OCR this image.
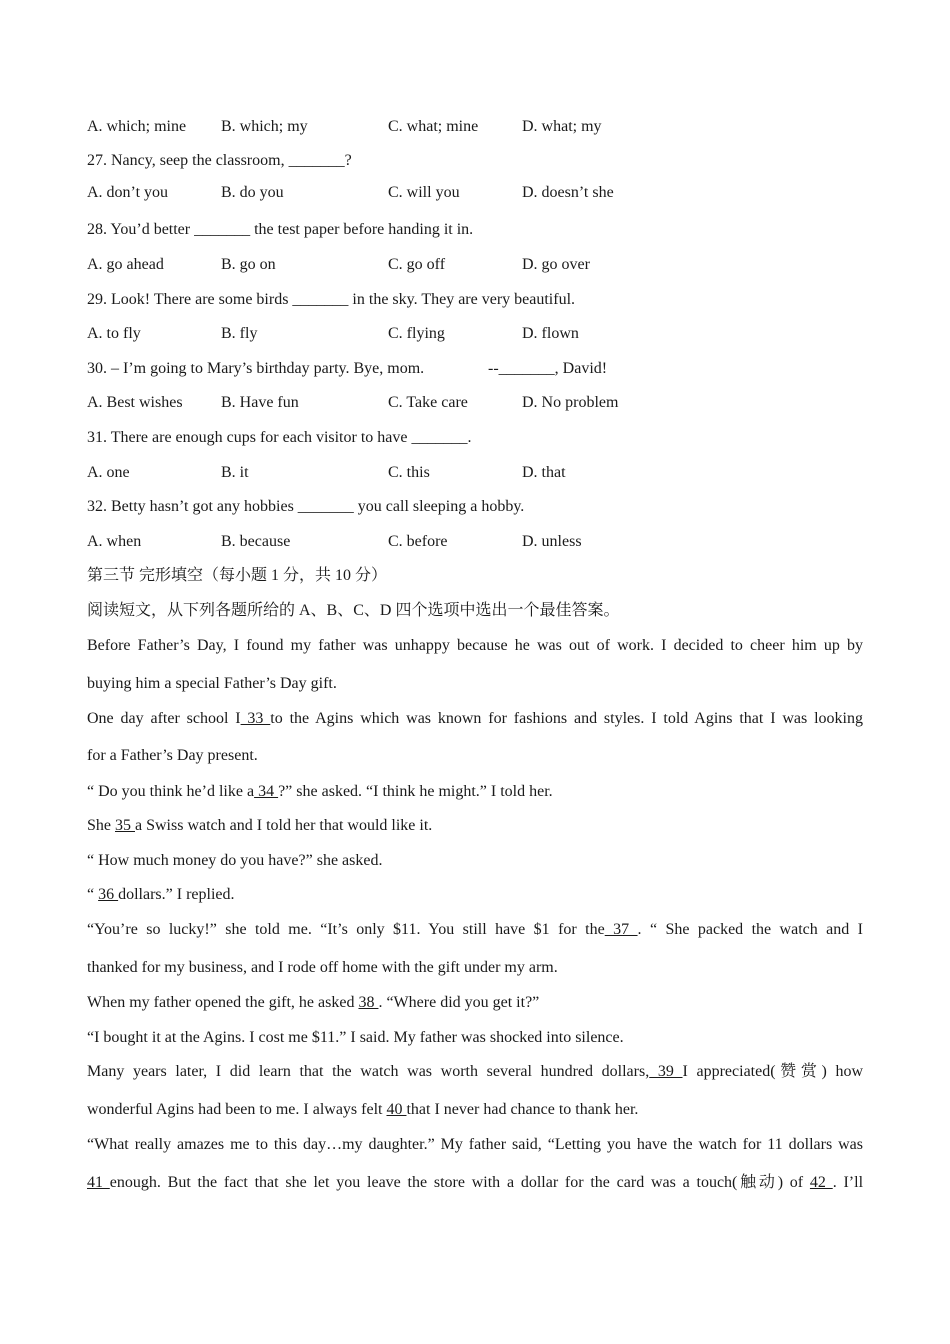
A. which; mine B. which; my	C. what; mine	D. what; my
27. Nancy, seep the classroom, _______?
A. don’t you	B. do you	C. will you	D. doesn’t she
28. You’d better _______ the test paper before handing it in.
A. go ahead	B. go on	C. go off	D. go over
29. Look! There are some birds _______ in the sky. They are very beautiful.
A. to fly	B. fly	C. flying	D. flown
30. – I’m going to Mary’s birthday party. Bye, mom.	--_______, David!
A. Best wishes B. Have fun	C. Take care	D. No problem
31. There are enough cups for each visitor to have _______.
A. one	B. it	C. this	D. that
32. Betty hasn’t got any hobbies _______ you call sleeping a hobby.
A. when	B. because	C. before	D. unless
第三节 完形填空（每小题 1 分，共 10 分）
阅读短文，从下列各题所给的 A、B、C、D 四个选项中选出一个最佳答案。
Before Father’s Day, I found my father was unhappy because he was out of work. I decided to cheer him up by
buying him a special Father’s Day gift.
One day after school I 33 to the Agins which was known for fashions and styles. I told Agins that I was looking
for a Father’s Day present.
“ Do you think he’d like a 34 ?” she asked. “I think he might.” I told her.
She 35 a Swiss watch and I told her that would like it.
“ How much money do you have?” she asked.
“ 36 dollars.” I replied.
“You’re so lucky!” she told me. “It’s only $11. You still have $1 for the 37 . “ She packed the watch and I
thanked for my business, and I rode off home with the gift under my arm.
When my father opened the gift, he asked 38 . “Where did you get it?”
“I bought it at the Agins. I cost me $11.” I said. My father was shocked into silence.
Many years later, I did learn that the watch was worth several hundred dollars, 39 I appreciated(赞赏) how
wonderful Agins had been to me. I always felt 40 that I never had chance to thank her.
“What really amazes me to this day…my daughter.” My father said, “Letting you have the watch for 11 dollars was
41 enough. But the fact that she let you leave the store with a dollar for the card was a touch(触动) of 42 . I’ll
